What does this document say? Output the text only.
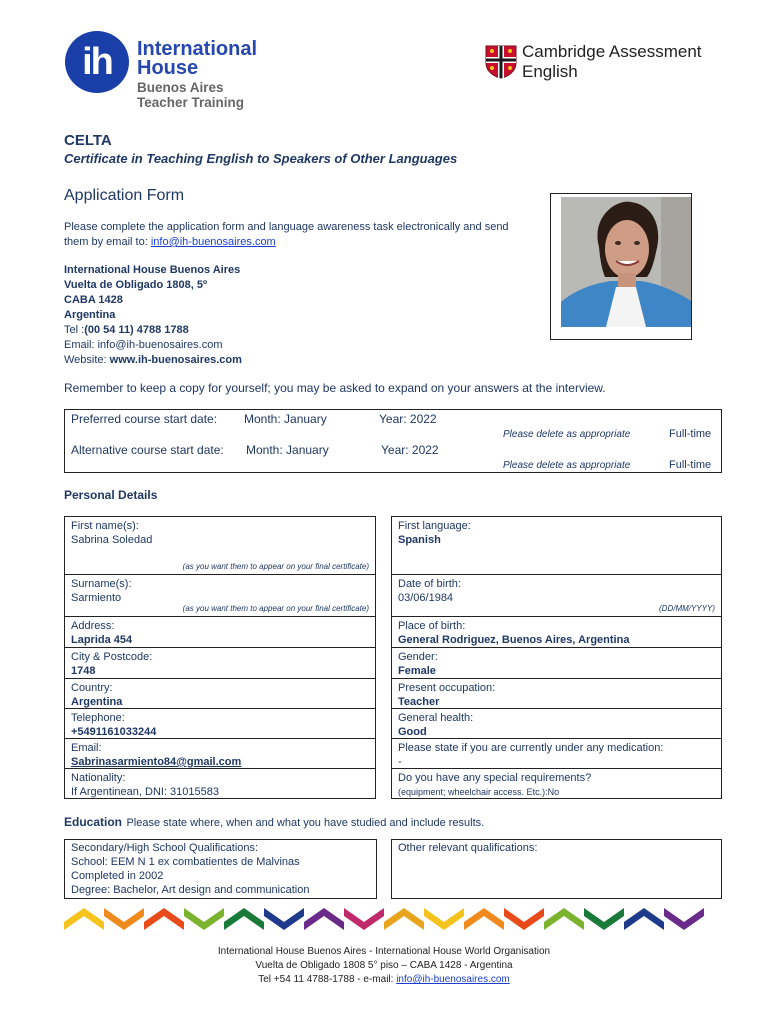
ih	International
House
Buenos Aires
Teacher Training
Cambridge Assessment
English
CELTA
Certificate in Teaching English to Speakers of Other Languages
Application Form
Please complete the application form and language awareness task electronically and send
them by email to: info@ih-buenosaires.com
International House Buenos Aires
Vuelta de Obligado 1808, 5º
CABA 1428
Argentina
Tel :(00 54 11) 4788 1788
Email: info@ih-buenosaires.com
Website: www.ih-buenosaires.com
Remember to keep a copy for yourself; you may be asked to expand on your answers at the interview.
Preferred course start date: Month: January	Year: 2022
Please delete as appropriate	Full-time
Alternative course start date: Month: January	Year: 2022
Please delete as appropriate	Full-time
Personal Details
First name(s):
Sabrina Soledad
(as you want them to appear on your final certificate)
Surname(s):
Sarmiento
(as you want them to appear on your final certificate)
Address:
Laprida 454
City & Postcode:
1748
Country:
Argentina
Telephone:
+5491161033244
Email:
Sabrinasarmiento84@gmail.com
Nationality:
If Argentinean, DNI: 31015583
First language:
Spanish
Date of birth:
03/06/1984
(DD/MM/YYYY)
Place of birth:
General Rodriguez, Buenos Aires, Argentina
Gender:
Female
Present occupation:
Teacher
General health:
Good
Please state if you are currently under any medication:
-
Do you have any special requirements?
(equipment; wheelchair access. Etc.):No
Education Please state where, when and what you have studied and include results.
Secondary/High School Qualifications:
School: EEM N 1 ex combatientes de Malvinas
Completed in 2002
Degree: Bachelor, Art design and communication
Other relevant qualifications:
International House Buenos Aires - International House World Organisation
Vuelta de Obligado 1808 5° piso – CABA 1428 - Argentina
Tel +54 11 4788-1788 - e-mail: info@ih-buenosaires.com
